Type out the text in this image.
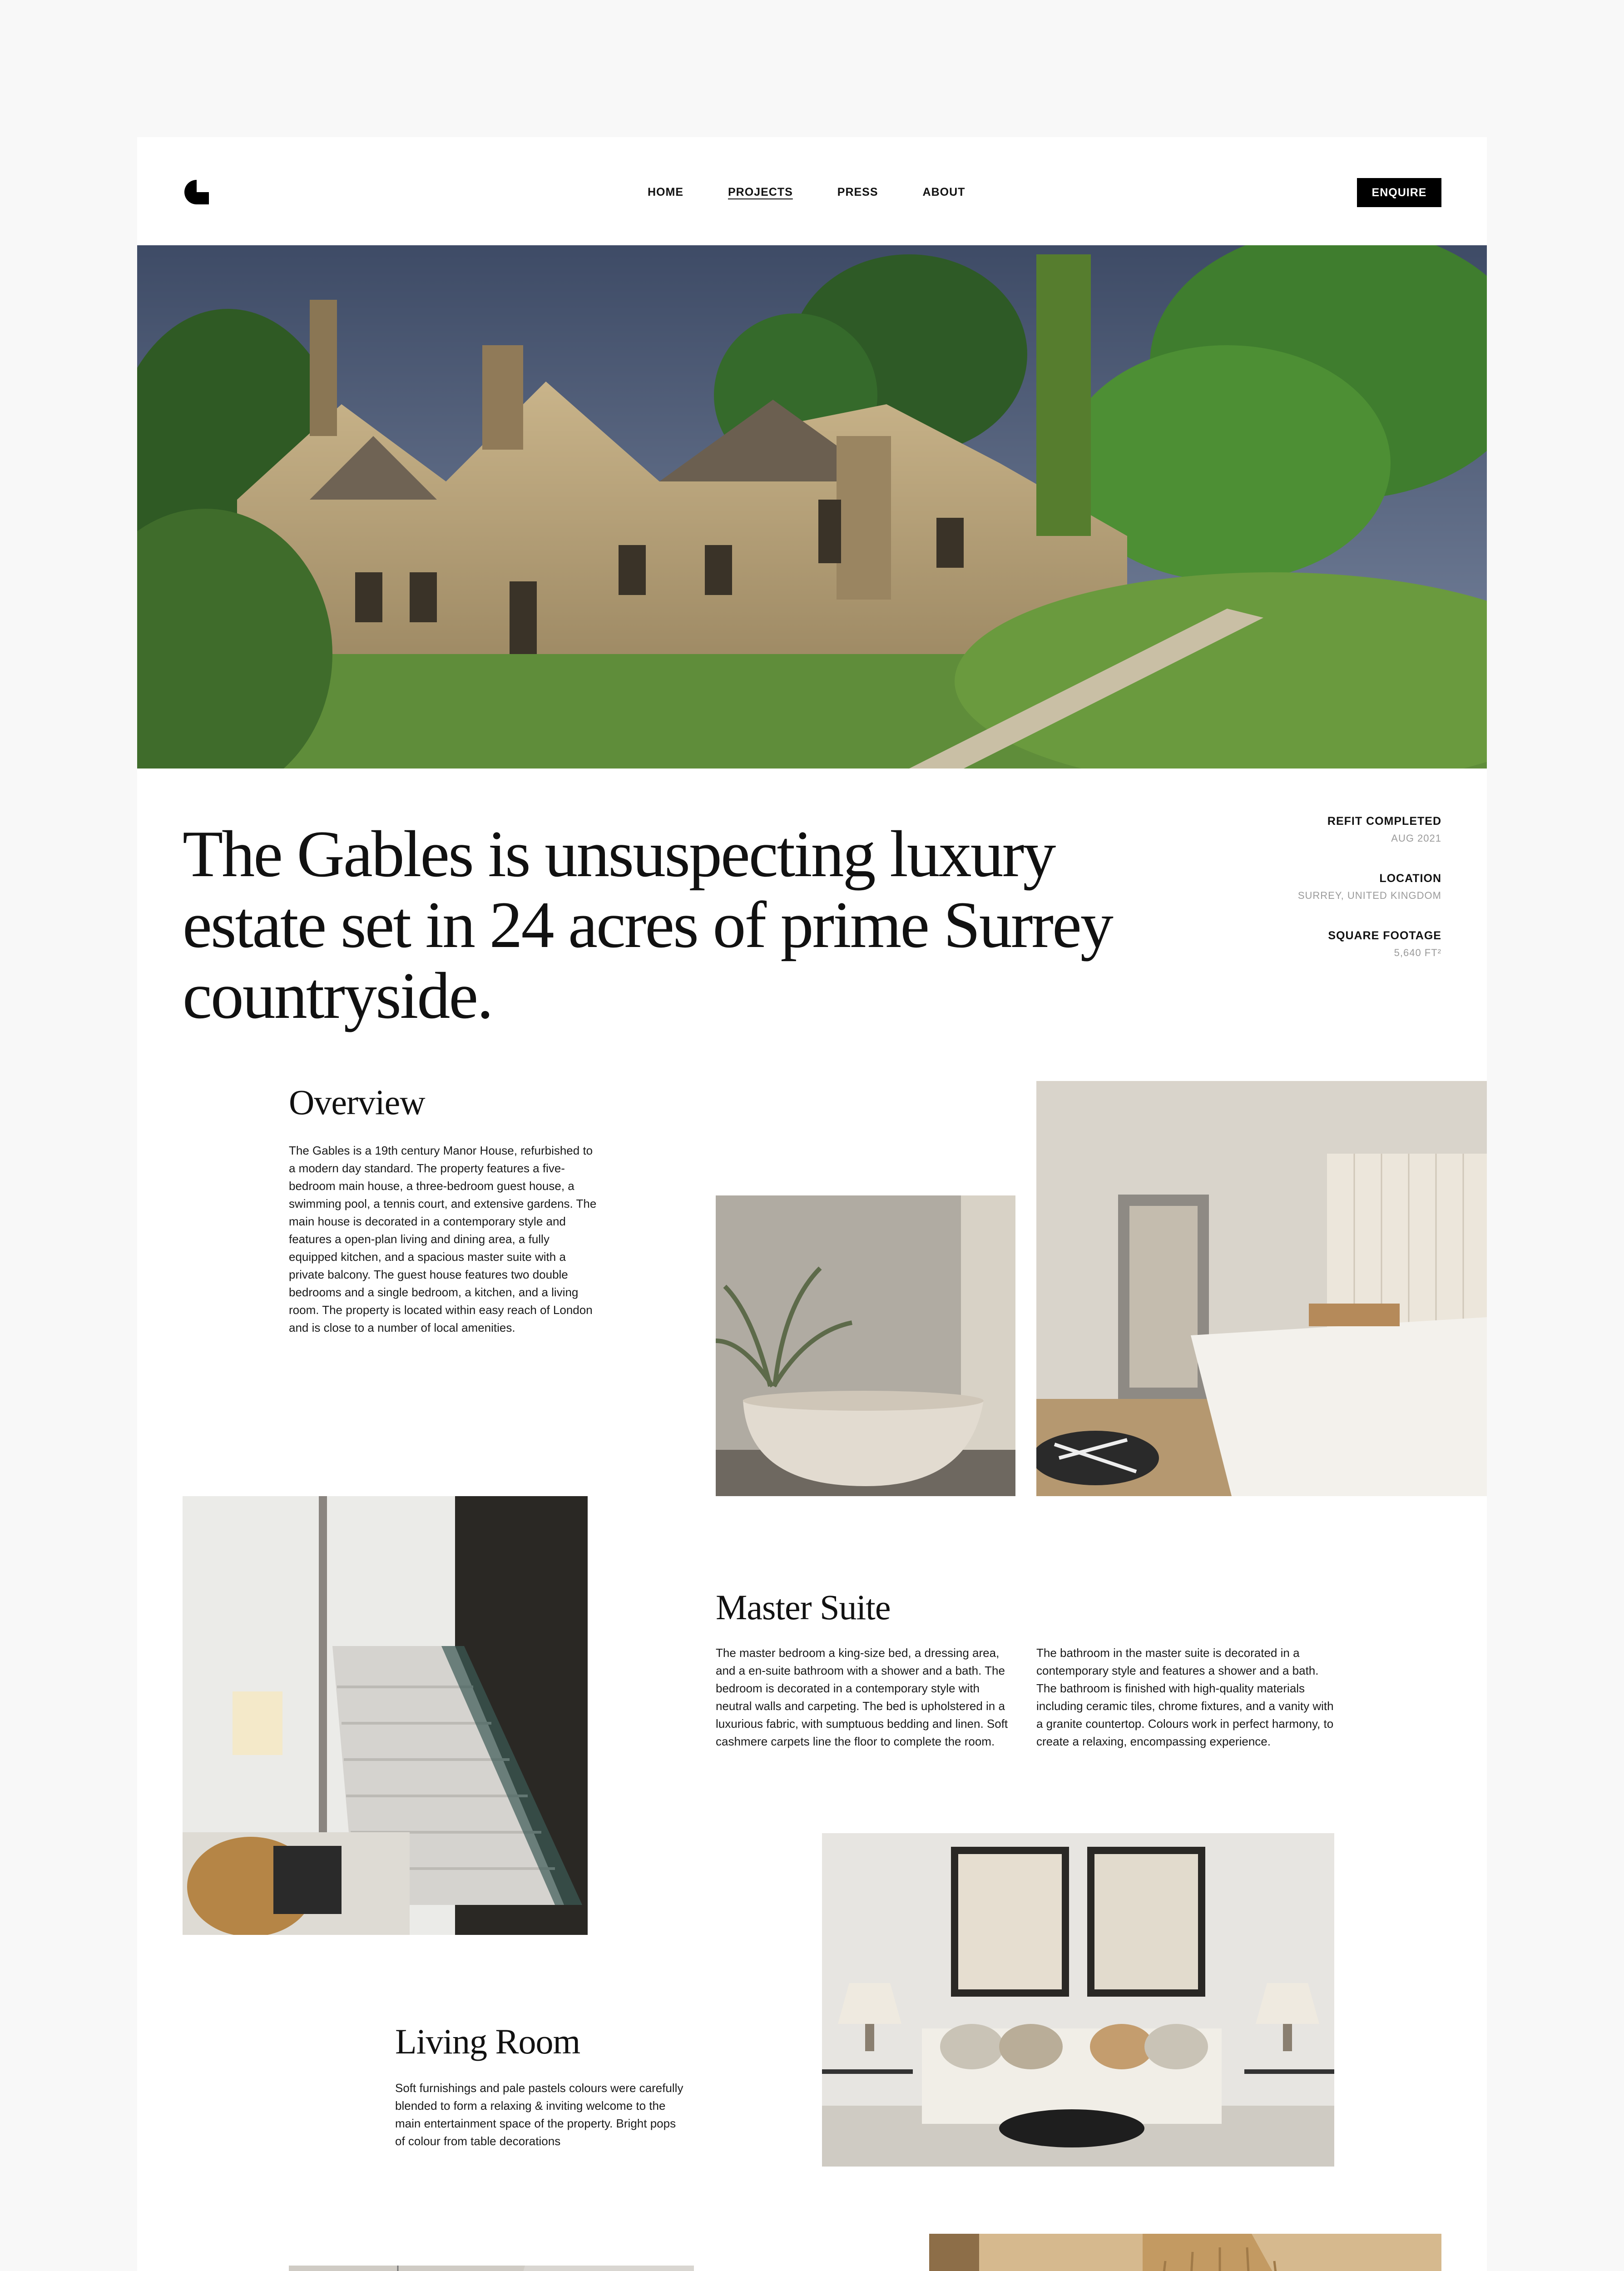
HOME	PROJECTS	PRESS	ABOUT	ENQUIRE
The Gables is unsuspecting luxury estate set in 24 acres of prime Surrey countryside.
REFIT COMPLETED
AUG 2021
LOCATION
SURREY, UNITED KINGDOM
SQUARE FOOTAGE
5,640 FT²
Overview

The Gables is a 19th century Manor House, refurbished to a modern day standard. The property features a five-bedroom main house, a three-bedroom guest house, a swimming pool, a tennis court, and extensive gardens. The main house is decorated in a contemporary style and features a open-plan living and dining area, a fully equipped kitchen, and a spacious master suite with a private balcony. The guest house features two double bedrooms and a single bedroom, a kitchen, and a living room. The property is located within easy reach of London and is close to a number of local amenities.

Master Suite

The master bedroom a king-size bed, a dressing area, and a en-suite bathroom with a shower and a bath. The bedroom is decorated in a contemporary style with neutral walls and carpeting. The bed is upholstered in a luxurious fabric, with sumptuous bedding and linen. Soft cashmere carpets line the floor to complete the room.

The bathroom in the master suite is decorated in a contemporary style and features a shower and a bath. The bathroom is finished with high-quality materials including ceramic tiles, chrome fixtures, and a vanity with a granite countertop. Colours work in perfect harmony, to create a relaxing, encompassing experience.

Living Room

Soft furnishings and pale pastels colours were carefully blended to form a relaxing & inviting welcome to the main entertainment space of the property. Bright pops of colour from table decorations
